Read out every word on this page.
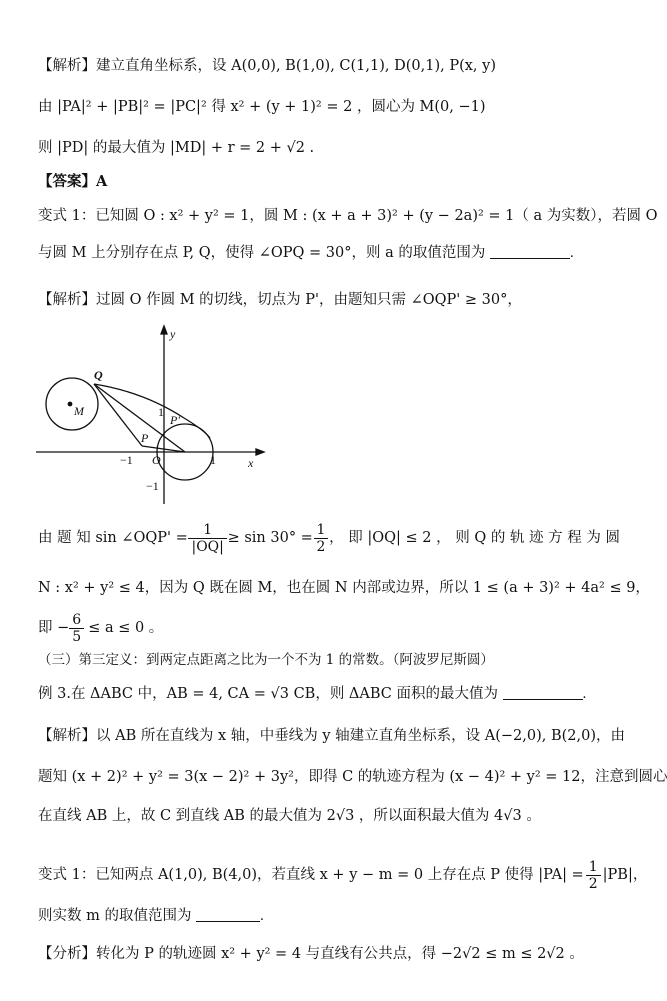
【解析】建立直角坐标系，设 A(0,0), B(1,0), C(1,1), D(0,1), P(x, y)
由 |PA|² + |PB|² = |PC|² 得 x² + (y + 1)² = 2 ，圆心为 M(0, −1)
则 |PD| 的最大值为 |MD| + r = 2 + √2 .
【答案】A
变式 1：已知圆 O : x² + y² = 1，圆 M : (x + a + 3)² + (y − 2a)² = 1（ a 为实数），若圆 O
与圆 M 上分别存在点 P, Q，使得 ∠OPQ = 30°，则 a 的取值范围为	.
【解析】过圆 O 作圆 M 的切线，切点为 P'，由题知只需 ∠OQP' ≥ 30°，
y
x
Q
M
P
P′
O
1
−1	1
−1
由 题 知 sin ∠OQP' = $\frac{1}{|OQ|} \ge \sin 30^\circ = \frac{1}{2}$ ， 即 |OQ| ≤ 2 ， 则 Q 的 轨 迹 方 程 为 圆
N : x² + y² ≤ 4，因为 Q 既在圆 M，也在圆 N 内部或边界，所以 1 ≤ (a + 3)² + 4a² ≤ 9，
即 − $\frac{6}{5} \le a \le 0$ 。
（三）第三定义：到两定点距离之比为一个不为 1 的常数。（阿波罗尼斯圆）
例 3.在 ΔABC 中，AB = 4, CA = √3 CB，则 ΔABC 面积的最大值为	.
【解析】以 AB 所在直线为 x 轴，中垂线为 y 轴建立直角坐标系，设 A(−2,0), B(2,0)，由
题知 (x + 2)² + y² = 3(x − 2)² + 3y²，即得 C 的轨迹方程为 (x − 4)² + y² = 12，注意到圆心
在直线 AB 上，故 C 到直线 AB 的最大值为 2√3 ，所以面积最大值为 4√3 。
变式 1：已知两点 A(1,0), B(4,0)，若直线 x + y − m = 0 上存在点 P 使得 $|PA| = \frac{1}{2} |PB|$，
则实数 m 的取值范围为	.
【分析】转化为 P 的轨迹圆 x² + y² = 4 与直线有公共点，得 −2√2 ≤ m ≤ 2√2 。
